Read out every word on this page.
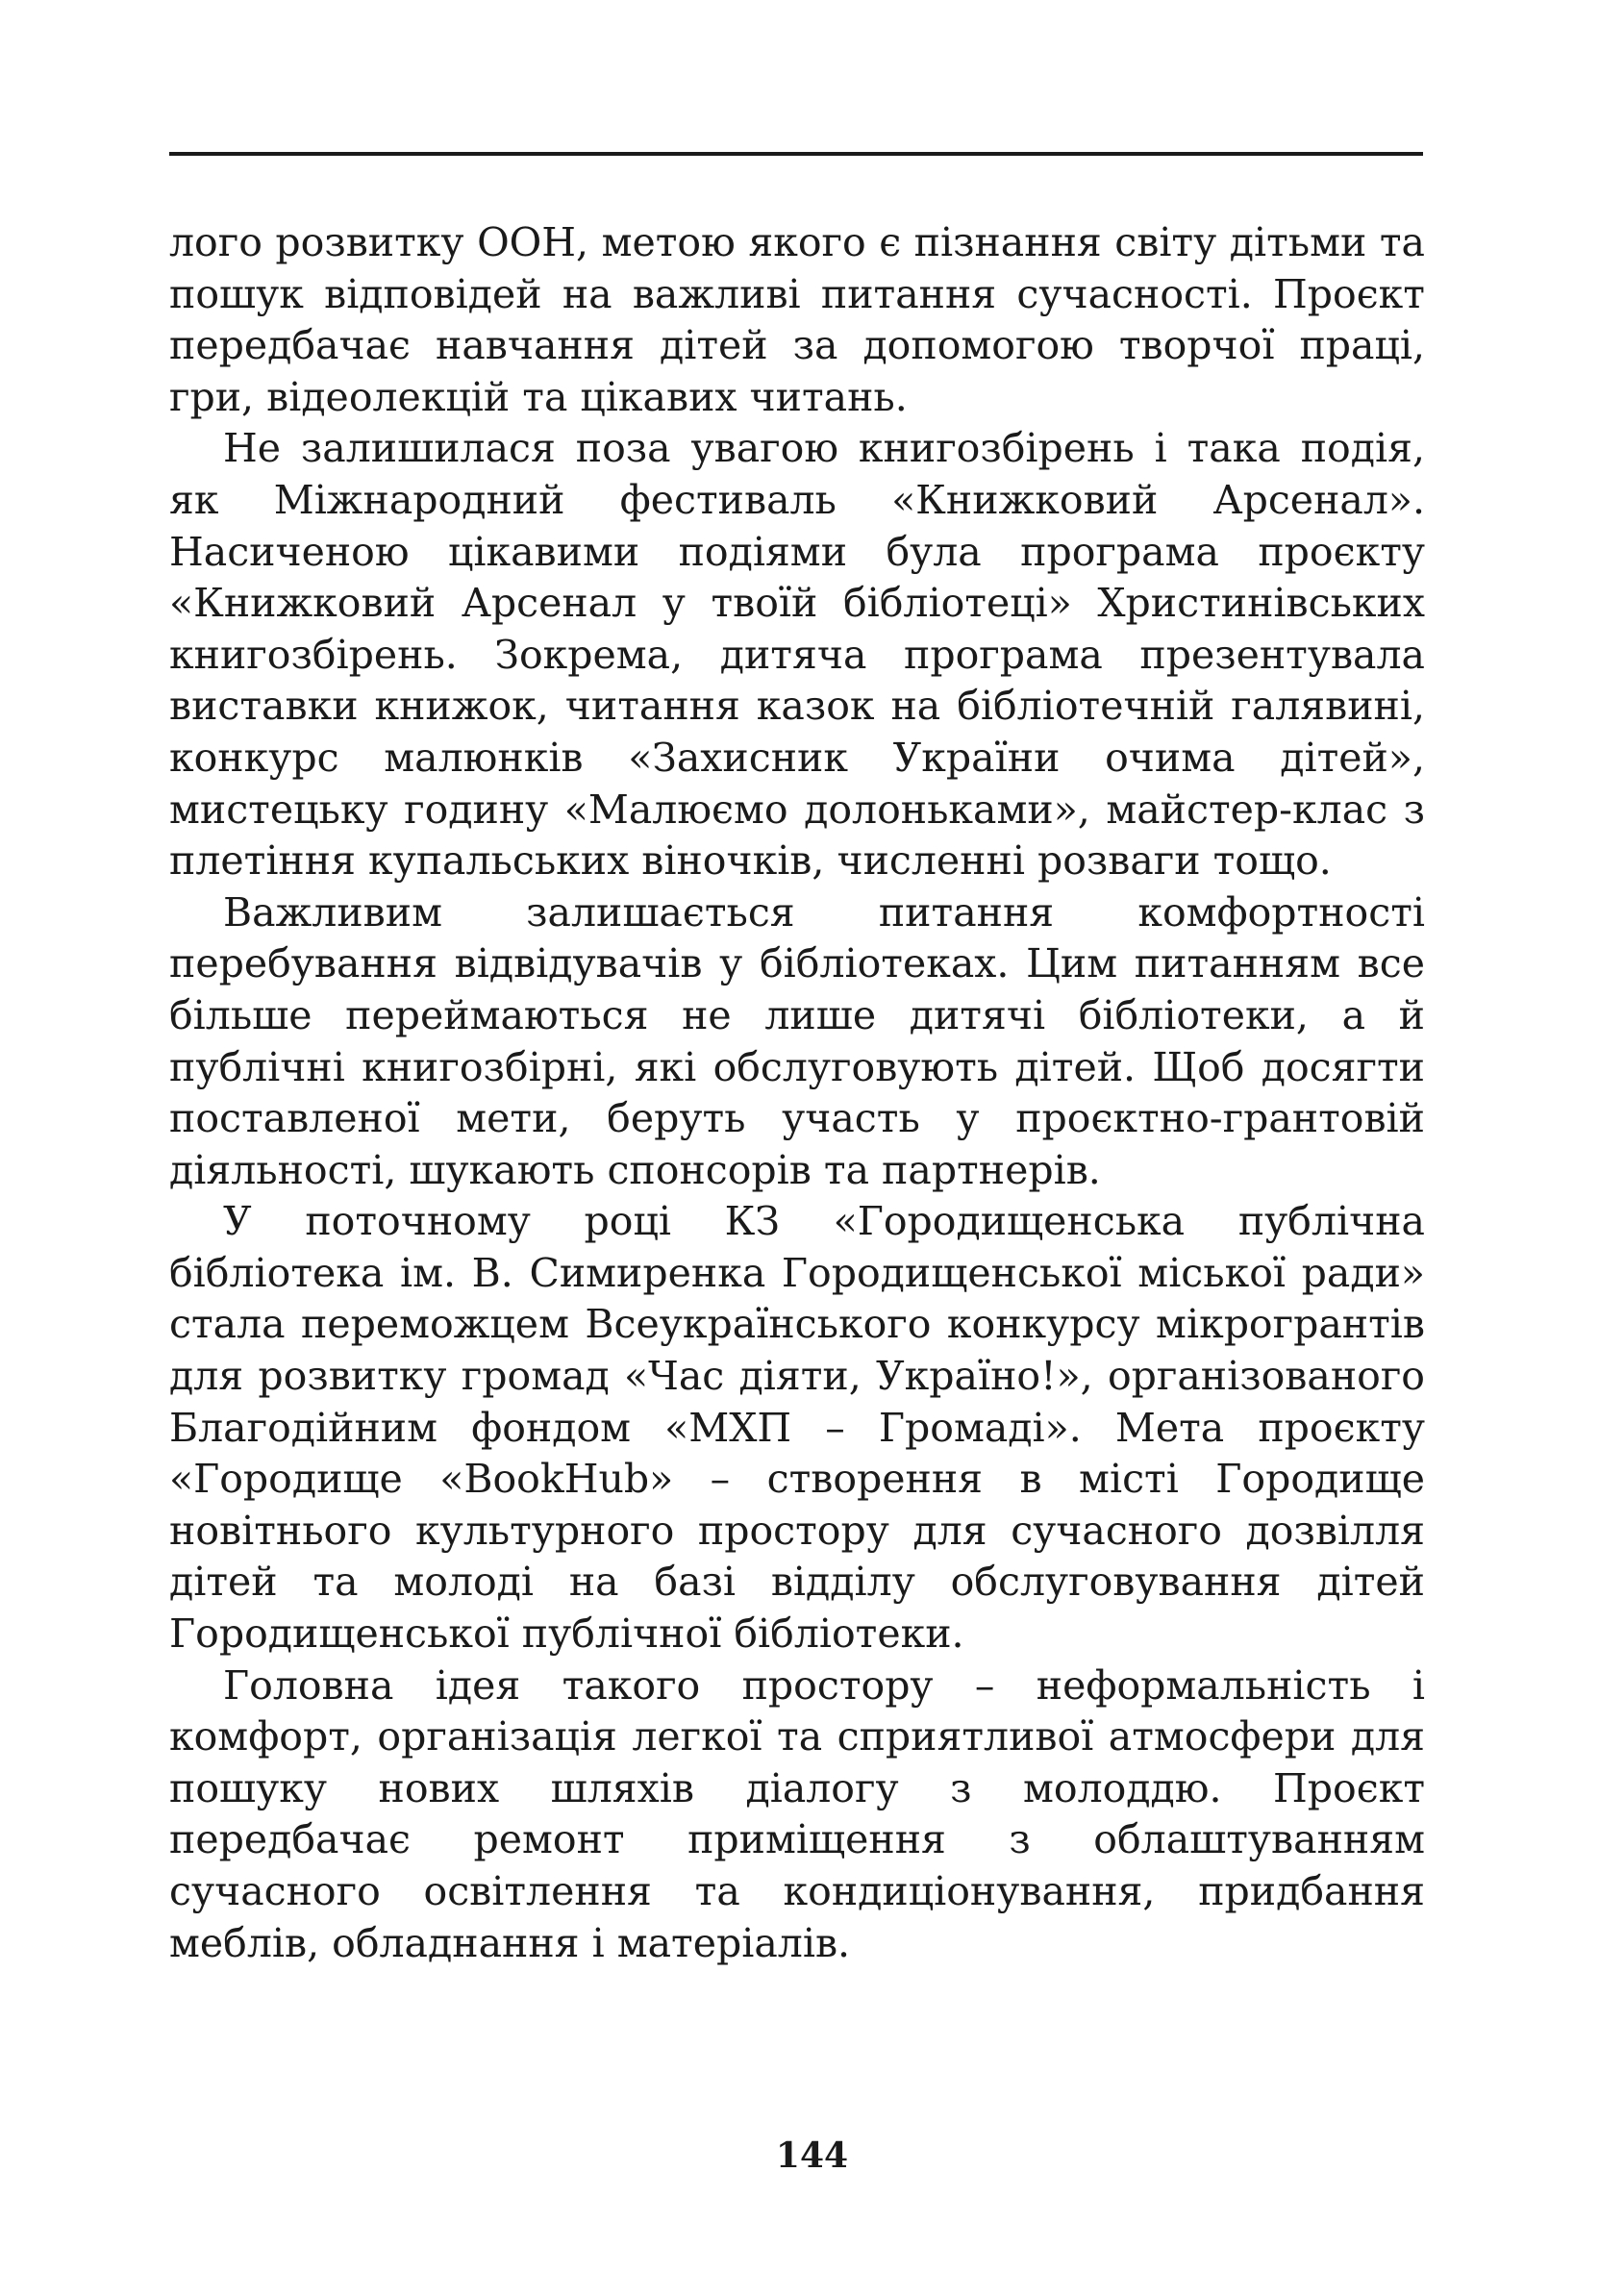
лого розвитку ООН, метою якого є пізнання світу дітьми та пошук відповідей на важливі питання сучасності. Проєкт передбачає навчання дітей за допомогою творчої праці, гри, відеолекцій та цікавих читань.

Не залишилася поза увагою книгозбірень і така подія, як Міжнародний фестиваль «Книжковий Арсенал». Насиченою цікавими подіями була програма проєкту «Книжковий Арсенал у твоїй бібліотеці» Христинівських книгозбірень. Зокрема, дитяча програма презентувала виставки книжок, читання казок на бібліотечній галявині, конкурс малюнків «Захисник України очима дітей», мистецьку годину «Малюємо долоньками», майстер-клас з плетіння купальських віночків, численні розваги тощо.

Важливим залишається питання комфортності перебування відвідувачів у бібліотеках. Цим питанням все більше переймаються не лише дитячі бібліотеки, а й публічні книгозбірні, які обслуговують дітей. Щоб досягти поставленої мети, беруть участь у проєктно-грантовій діяльності, шукають спонсорів та партнерів.

У поточному році КЗ «Городищенська публічна бібліотека ім. В. Симиренка Городищенської міської ради» стала переможцем Всеукраїнського конкурсу мікрогрантів для розвитку громад «Час діяти, Україно!», організованого Благодійним фондом «МХП – Громаді». Мета проєкту «Городище «BookHub» – створення в місті Городище новітнього культурного простору для сучасного дозвілля дітей та молоді на базі відділу обслуговування дітей Городищенської публічної бібліотеки.

Головна ідея такого простору – неформальність і комфорт, організація легкої та сприятливої атмосфери для пошуку нових шляхів діалогу з молоддю. Проєкт передбачає ремонт приміщення з облаштуванням сучасного освітлення та кондиціонування, придбання меблів, обладнання і матеріалів.

144
